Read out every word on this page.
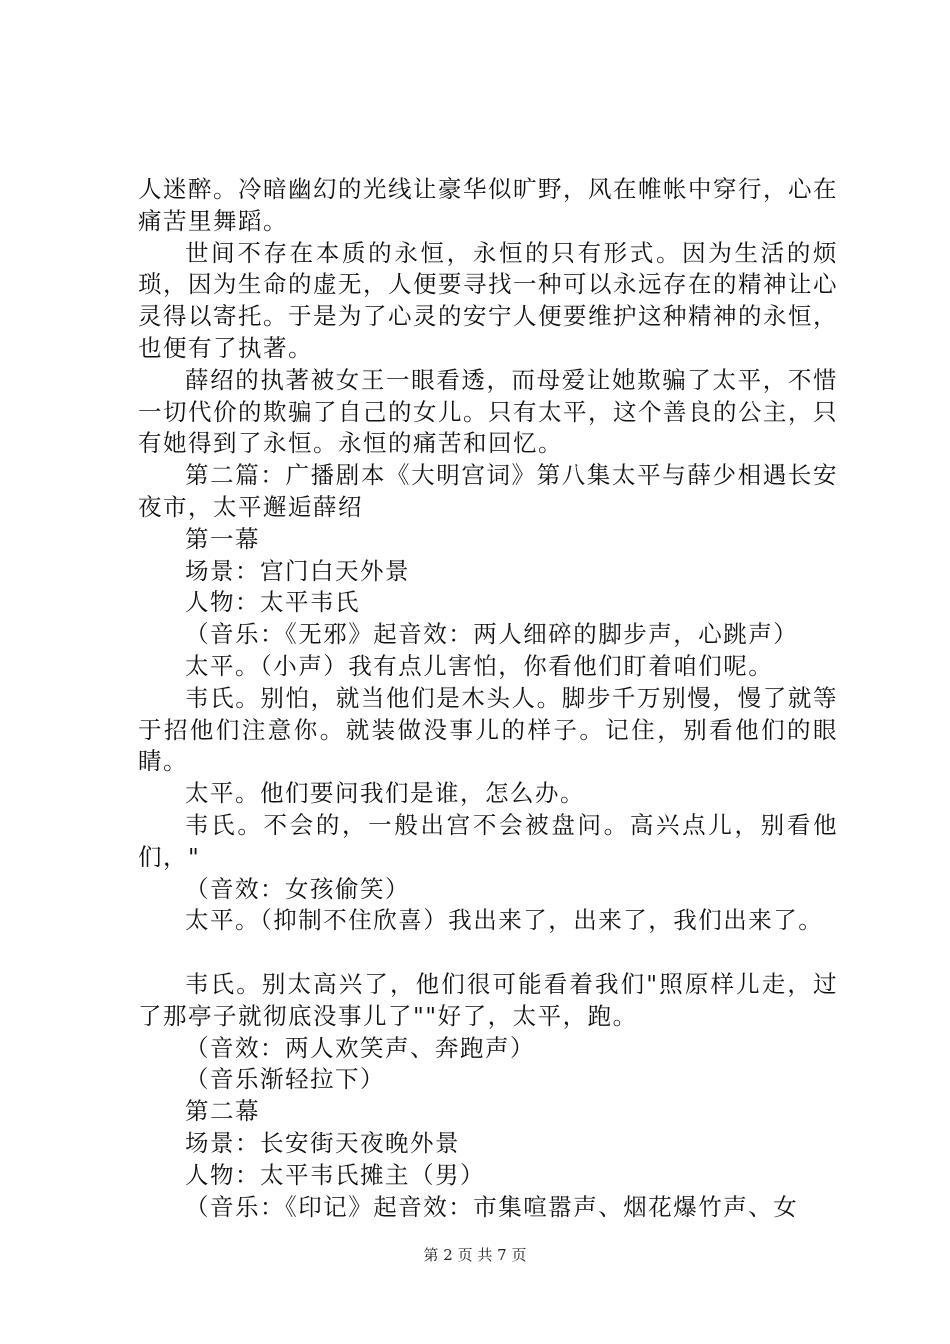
人迷醉。冷暗幽幻的光线让豪华似旷野，风在帷帐中穿行，心在痛苦里舞蹈。

世间不存在本质的永恒，永恒的只有形式。因为生活的烦琐，因为生命的虚无，人便要寻找一种可以永远存在的精神让心灵得以寄托。于是为了心灵的安宁人便要维护这种精神的永恒，也便有了执著。

薛绍的执著被女王一眼看透，而母爱让她欺骗了太平，不惜一切代价的欺骗了自己的女儿。只有太平，这个善良的公主，只有她得到了永恒。永恒的痛苦和回忆。

第二篇：广播剧本《大明宫词》第八集太平与薛少相遇长安夜市，太平邂逅薛绍

第一幕

场景：宫门白天外景

人物：太平韦氏

（音乐：《无邪》起音效：两人细碎的脚步声，心跳声）

太平。（小声）我有点儿害怕，你看他们盯着咱们呢。

韦氏。别怕，就当他们是木头人。脚步千万别慢，慢了就等于招他们注意你。就装做没事儿的样子。记住，别看他们的眼睛。

太平。他们要问我们是谁，怎么办。

韦氏。不会的，一般出宫不会被盘问。高兴点儿，别看他们，"

（音效：女孩偷笑）

太平。（抑制不住欣喜）我出来了，出来了，我们出来了。

韦氏。别太高兴了，他们很可能看着我们"照原样儿走，过了那亭子就彻底没事儿了""好了，太平，跑。

（音效：两人欢笑声、奔跑声）

（音乐渐轻拉下）

第二幕

场景：长安街天夜晚外景

人物：太平韦氏摊主（男）

（音乐：《印记》起音效：市集喧嚣声、烟花爆竹声、女

第 2 页 共 7 页
